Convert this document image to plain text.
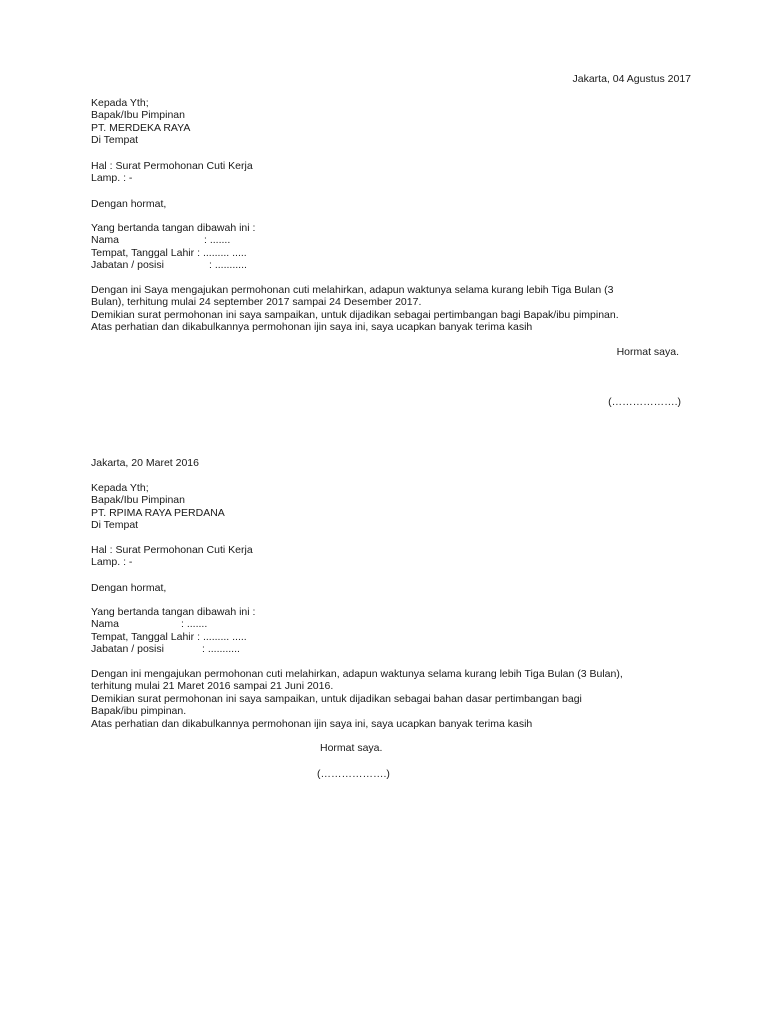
Jakarta, 04 Agustus 2017
Kepada Yth;
Bapak/Ibu Pimpinan
PT. MERDEKA RAYA
Di Tempat
Hal : Surat Permohonan Cuti Kerja
Lamp. : -
Dengan hormat,
Yang bertanda tangan dibawah ini :
Nama	: .......
Tempat, Tanggal Lahir : ......... .....
Jabatan / posisi	: ...........
Dengan ini Saya mengajukan permohonan cuti melahirkan, adapun waktunya selama kurang lebih Tiga Bulan (3
Bulan), terhitung mulai 24 september 2017 sampai 24 Desember 2017.
Demikian surat permohonan ini saya sampaikan, untuk dijadikan sebagai pertimbangan bagi Bapak/ibu pimpinan.
Atas perhatian dan dikabulkannya permohonan ijin saya ini, saya ucapkan banyak terima kasih
Hormat saya.
(……………….)
Jakarta, 20 Maret 2016
Kepada Yth;
Bapak/Ibu Pimpinan
PT. RPIMA RAYA PERDANA
Di Tempat
Hal : Surat Permohonan Cuti Kerja
Lamp. : -
Dengan hormat,
Yang bertanda tangan dibawah ini :
Nama	: .......
Tempat, Tanggal Lahir : ......... .....
Jabatan / posisi	: ...........
Dengan ini mengajukan permohonan cuti melahirkan, adapun waktunya selama kurang lebih Tiga Bulan (3 Bulan),
terhitung mulai 21 Maret 2016 sampai 21 Juni 2016.
Demikian surat permohonan ini saya sampaikan, untuk dijadikan sebagai bahan dasar pertimbangan bagi
Bapak/ibu pimpinan.
Atas perhatian dan dikabulkannya permohonan ijin saya ini, saya ucapkan banyak terima kasih
Hormat saya.
(……………….)
